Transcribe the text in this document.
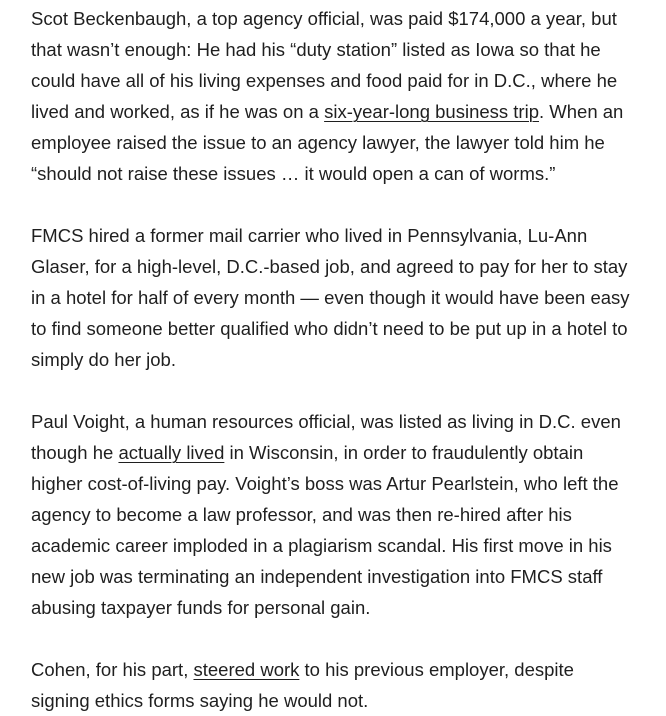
Scot Beckenbaugh, a top agency official, was paid $174,000 a year, but that wasn’t enough: He had his “duty station” listed as Iowa so that he could have all of his living expenses and food paid for in D.C., where he lived and worked, as if he was on a six-year-long business trip. When an employee raised the issue to an agency lawyer, the lawyer told him he “should not raise these issues … it would open a can of worms.”

FMCS hired a former mail carrier who lived in Pennsylvania, Lu-Ann Glaser, for a high-level, D.C.-based job, and agreed to pay for her to stay in a hotel for half of every month — even though it would have been easy to find someone better qualified who didn’t need to be put up in a hotel to simply do her job.

Paul Voight, a human resources official, was listed as living in D.C. even though he actually lived in Wisconsin, in order to fraudulently obtain higher cost-of-living pay. Voight’s boss was Artur Pearlstein, who left the agency to become a law professor, and was then re-hired after his academic career imploded in a plagiarism scandal. His first move in his new job was terminating an independent investigation into FMCS staff abusing taxpayer funds for personal gain.

Cohen, for his part, steered work to his previous employer, despite signing ethics forms saying he would not.
